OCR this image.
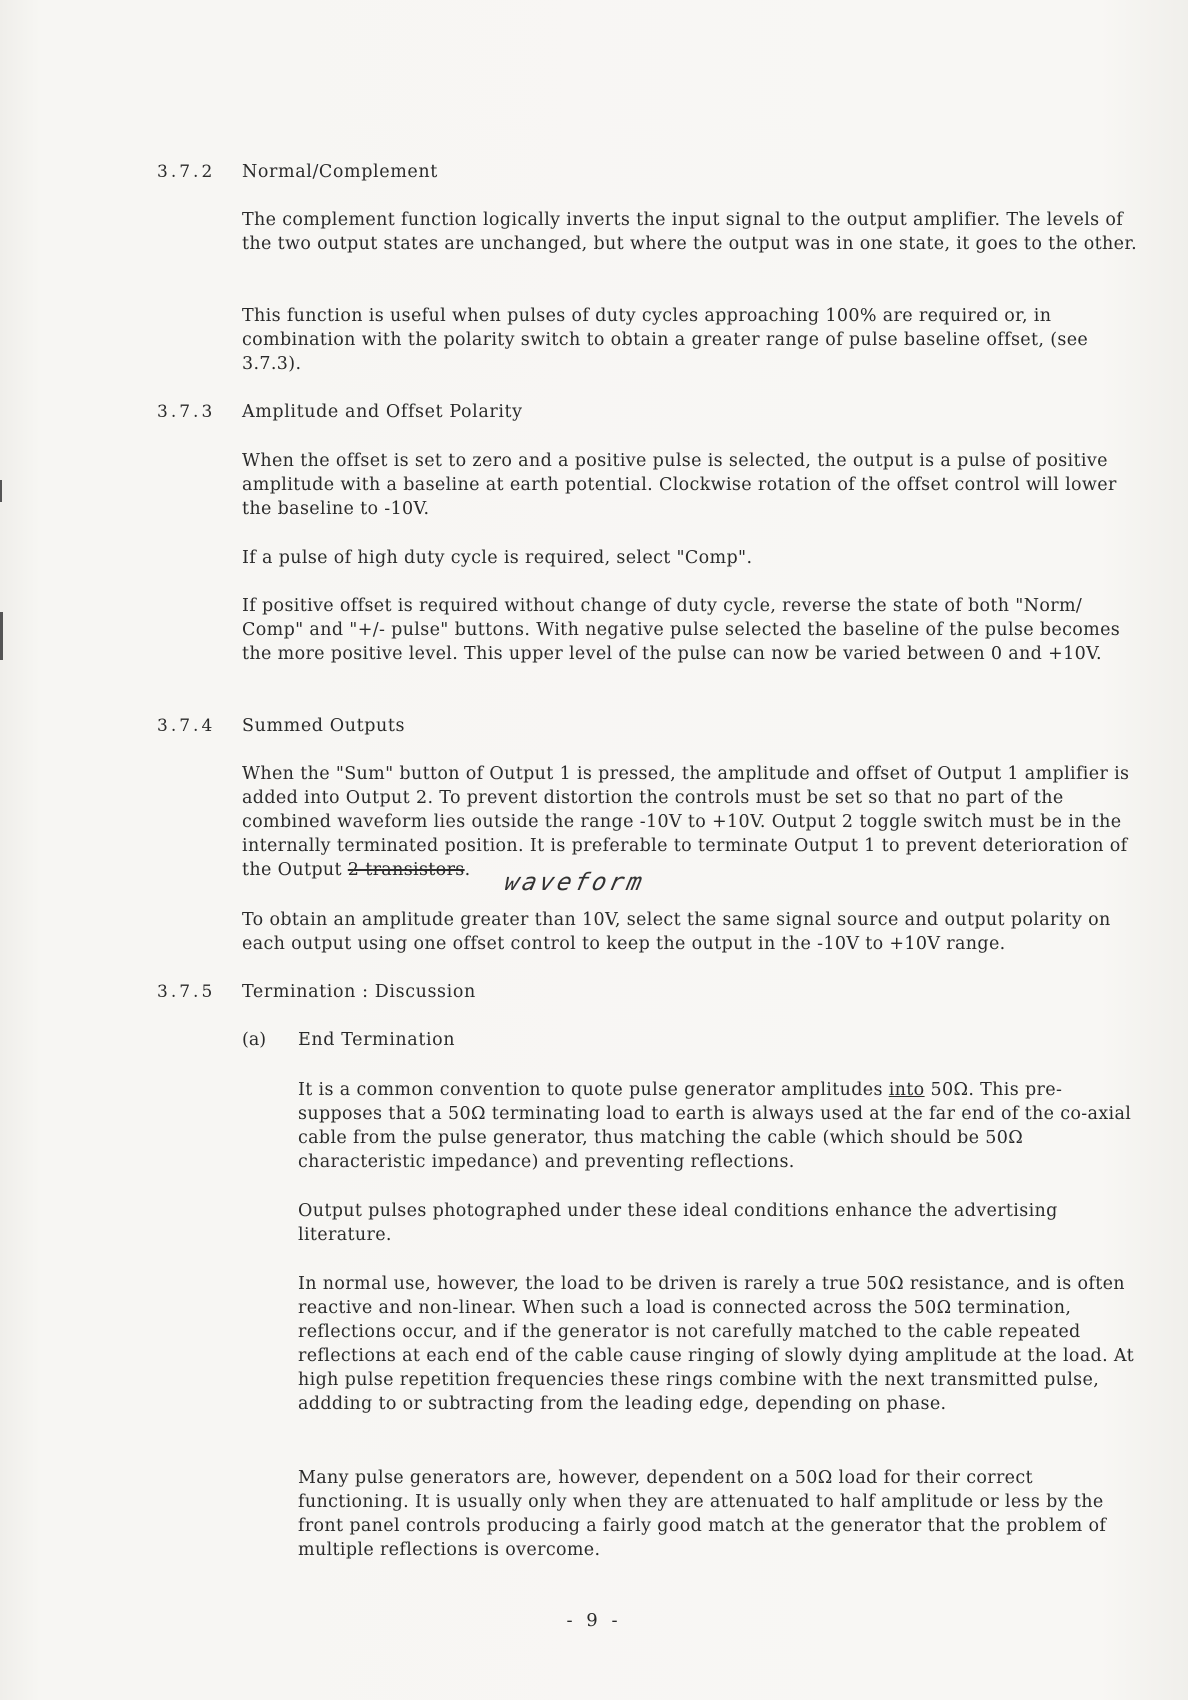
3.7.2 Normal/Complement

The complement function logically inverts the input signal to the output amplifier. The levels of the two output states are unchanged, but where the output was in one state, it goes to the other.

This function is useful when pulses of duty cycles approaching 100% are required or, in combination with the polarity switch to obtain a greater range of pulse baseline offset, (see 3.7.3).

3.7.3 Amplitude and Offset Polarity

When the offset is set to zero and a positive pulse is selected, the output is a pulse of positive amplitude with a baseline at earth potential. Clockwise rotation of the offset control will lower the baseline to -10V.

If a pulse of high duty cycle is required, select "Comp".

If positive offset is required without change of duty cycle, reverse the state of both "Norm/ Comp" and "+/- pulse" buttons. With negative pulse selected the baseline of the pulse becomes the more positive level. This upper level of the pulse can now be varied between 0 and +10V.

3.7.4 Summed Outputs

When the "Sum" button of Output 1 is pressed, the amplitude and offset of Output 1 amplifier is added into Output 2. To prevent distortion the controls must be set so that no part of the combined waveform lies outside the range -10V to +10V. Output 2 toggle switch must be in the internally terminated position. It is preferable to terminate Output 1 to prevent deterioration of the Output 2 transistors.	waveform

To obtain an amplitude greater than 10V, select the same signal source and output polarity on each output using one offset control to keep the output in the -10V to +10V range.

3.7.5 Termination : Discussion
(a) End Termination

It is a common convention to quote pulse generator amplitudes into 50Ω. This pre-supposes that a 50Ω terminating load to earth is always used at the far end of the co-axial cable from the pulse generator, thus matching the cable (which should be 50Ω characteristic impedance) and preventing reflections.

Output pulses photographed under these ideal conditions enhance the advertising literature.

In normal use, however, the load to be driven is rarely a true 50Ω resistance, and is often reactive and non-linear. When such a load is connected across the 50Ω termination, reflections occur, and if the generator is not carefully matched to the cable repeated reflections at each end of the cable cause ringing of slowly dying amplitude at the load. At high pulse repetition frequencies these rings combine with the next transmitted pulse, addding to or subtracting from the leading edge, depending on phase.

Many pulse generators are, however, dependent on a 50Ω load for their correct functioning. It is usually only when they are attenuated to half amplitude or less by the front panel controls producing a fairly good match at the generator that the problem of multiple reflections is overcome.

- 9 -
